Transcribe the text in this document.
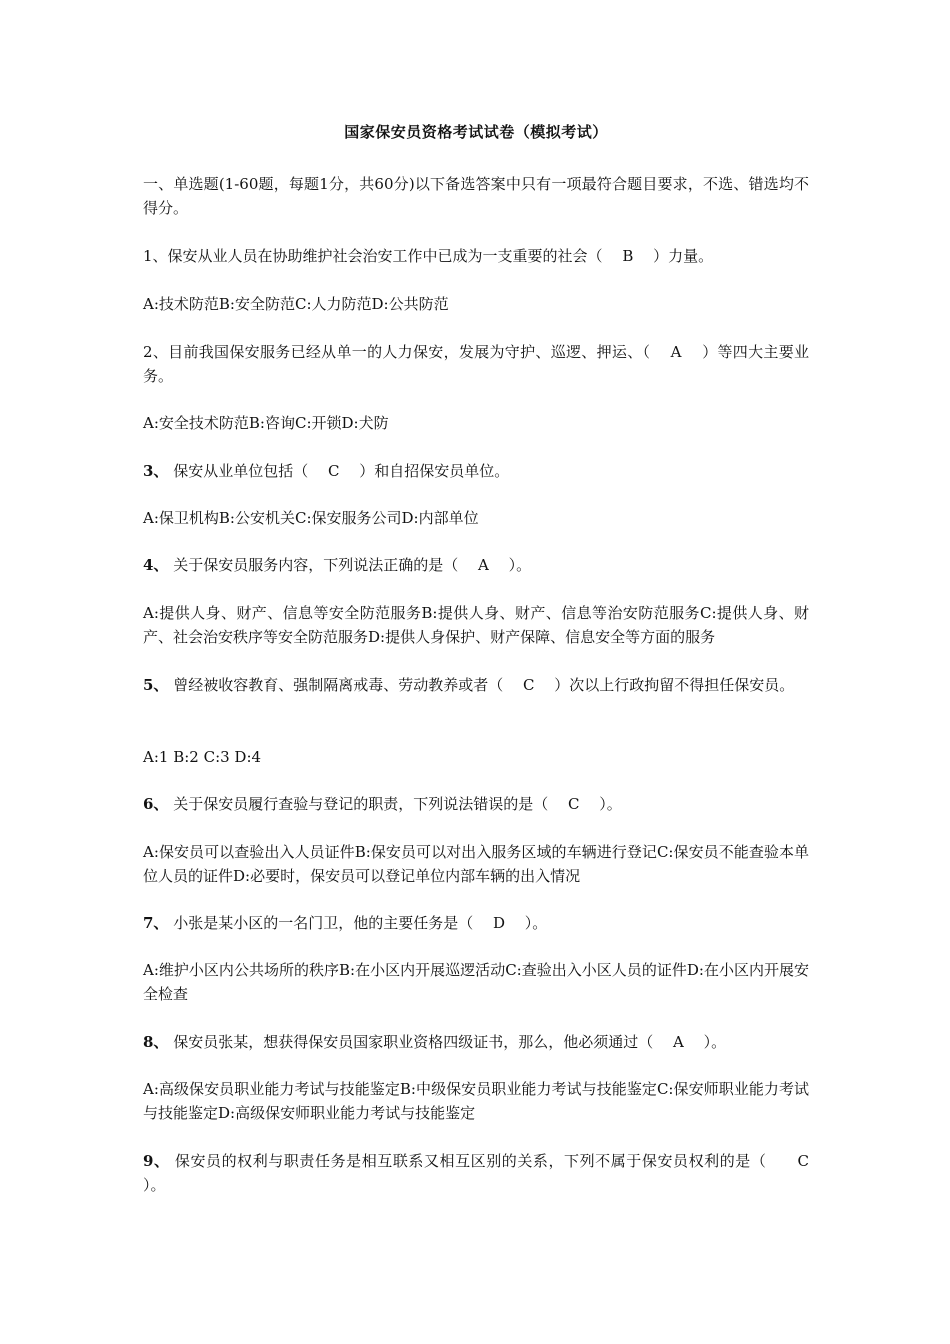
国家保安员资格考试试卷（模拟考试）

一、单选题(1-60题，每题1分，共60分)以下备选答案中只有一项最符合题目要求，不选、错选均不得分。

1、保安从业人员在协助维护社会治安工作中已成为一支重要的社会（　 B　 ）力量。

A:技术防范B:安全防范C:人力防范D:公共防范

2、目前我国保安服务已经从单一的人力保安，发展为守护、巡逻、押运、（　 A　 ）等四大主要业务。

A:安全技术防范B:咨询C:开锁D:犬防

3、 保安从业单位包括（　 C　 ）和自招保安员单位。

A:保卫机构B:公安机关C:保安服务公司D:内部单位

4、 关于保安员服务内容，下列说法正确的是（　 A　 ）。

A:提供人身、财产、信息等安全防范服务B:提供人身、财产、信息等治安防范服务C:提供人身、财产、社会治安秩序等安全防范服务D:提供人身保护、财产保障、信息安全等方面的服务

5、 曾经被收容教育、强制隔离戒毒、劳动教养或者（　 C　 ）次以上行政拘留不得担任保安员。

A:1 B:2 C:3 D:4

6、 关于保安员履行查验与登记的职责，下列说法错误的是（　 C　 ）。

A:保安员可以查验出入人员证件B:保安员可以对出入服务区域的车辆进行登记C:保安员不能查验本单位人员的证件D:必要时，保安员可以登记单位内部车辆的出入情况

7、 小张是某小区的一名门卫，他的主要任务是（　 D　 ）。

A:维护小区内公共场所的秩序B:在小区内开展巡逻活动C:查验出入小区人员的证件D:在小区内开展安全检查

8、 保安员张某，想获得保安员国家职业资格四级证书，那么，他必须通过（　 A　 ）。

A:高级保安员职业能力考试与技能鉴定B:中级保安员职业能力考试与技能鉴定C:保安师职业能力考试与技能鉴定D:高级保安师职业能力考试与技能鉴定

9、 保安员的权利与职责任务是相互联系又相互区别的关系，下列不属于保安员权利的是（　　C ）。
